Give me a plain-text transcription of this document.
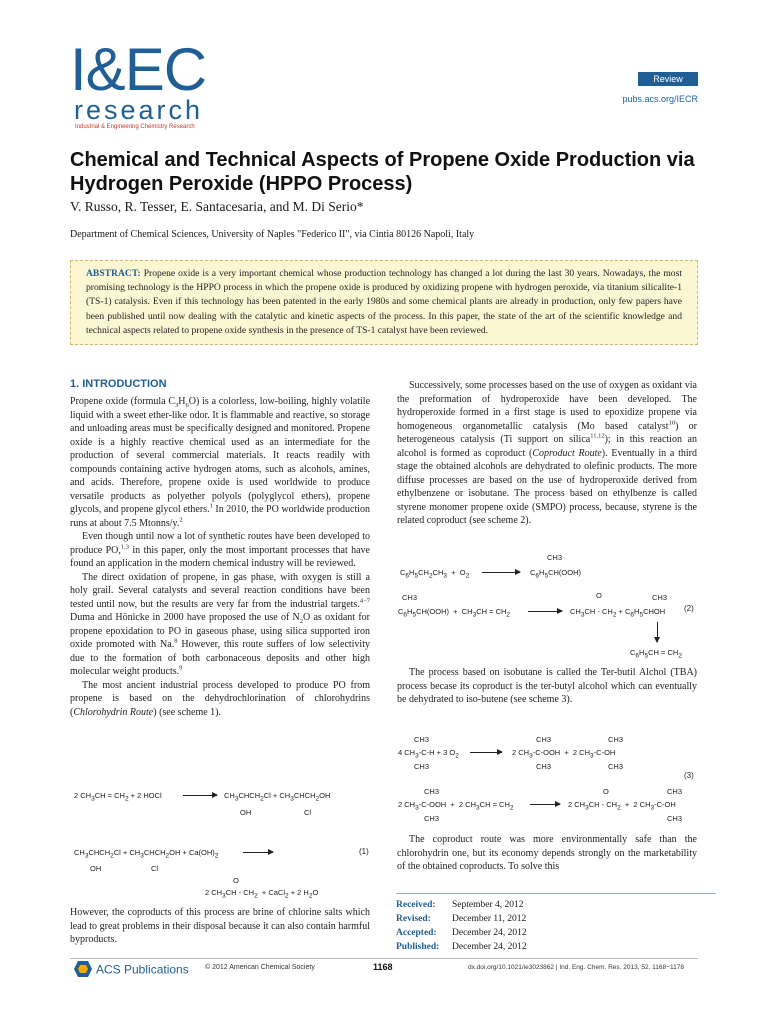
I&EC
research
Industrial & Engineering Chemistry Research
Review
pubs.acs.org/IECR
Chemical and Technical Aspects of Propene Oxide Production via Hydrogen Peroxide (HPPO Process)
V. Russo, R. Tesser, E. Santacesaria, and M. Di Serio*
Department of Chemical Sciences, University of Naples "Federico II", via Cintia 80126 Napoli, Italy
ABSTRACT: Propene oxide is a very important chemical whose production technology has changed a lot during the last 30 years. Nowadays, the most promising technology is the HPPO process in which the propene oxide is produced by oxidizing propene with hydrogen peroxide, via titanium silicalite-1 (TS-1) catalysis. Even if this technology has been patented in the early 1980s and some chemical plants are already in production, only few papers have been published until now dealing with the catalytic and kinetic aspects of the process. In this paper, the state of the art of the scientific knowledge and technical aspects related to propene oxide synthesis in the presence of TS-1 catalyst have been reviewed.
1. INTRODUCTION

Propene oxide (formula $C_3H_6O$) is a colorless, low-boiling, highly volatile liquid with a sweet ether-like odor. It is flammable and reactive, so storage and unloading areas must be specifically designed and monitored. Propene oxide is a highly reactive chemical used as an intermediate for the production of several commercial materials. It reacts readily with compounds containing active hydrogen atoms, such as alcohols, amines, and acids. Therefore, propene oxide is used worldwide to produce versatile products as polyether polyols (polyglycol ethers), propene glycols, and propene glycol ethers.$^1$ In 2010, the PO worldwide production runs at about 7.5 Mtonns/y.$^2$

Even though until now a lot of synthetic routes have been developed to produce PO,$^{1,3}$ in this paper, only the most important processes that have found an application in the modern chemical industry will be reviewed.

The direct oxidation of propene, in gas phase, with oxygen is still a holy grail. Several catalysts and several reaction conditions have been tested until now, but the results are very far from the industrial targets.$^{4-7}$ Duma and Hönicke in 2000 have proposed the use of $N_2O$ as oxidant for propene epoxidation to PO in gaseous phase, using silica supported iron oxide promoted with Na.$^8$ However, this route suffers of low selectivity due to the formation of both carbonaceous deposits and other high molecular weight products.$^9$

The most ancient industrial process developed to produce PO from propene is based on the dehydrochlorination of chlorohydrins (Chlorohydrin Route) (see scheme 1).

2 $CH_3CH = CH_2 + 2$ HOCl	$CH_3CHCH_2Cl$ + $CH_3CHCH_2OH$
OH	Cl
$CH_3CHCH_2Cl$ + $CH_3CHCH_2OH + Ca(OH)_2$	(1)
OH	Cl
O
2 $CH_3CH - CH_2$  + CaCl$_2$ + 2 $H_2O$

However, the coproducts of this process are brine of chlorine salts which lead to great problems in their disposal because it can also contain harmful byproducts.

Successively, some processes based on the use of oxygen as oxidant via the preformation of hydroperoxide have been developed. The hydroperoxide formed in a first stage is used to epoxidize propene via homogeneous organometallic catalysis (Mo based catalyst$^{10}$) or heterogeneous catalysis (Ti support on silica$^{11,12}$); in this reaction an alcohol is formed as coproduct (Coproduct Route). Eventually in a third stage the obtained alcohols are dehydrated to olefinic products. The more diffuse processes are based on the use of hydroperoxide derived from ethylbenzene or isobutane. The process based on ethylbenze is called styrene monomer propene oxide (SMPO) process, because, styrene is the related coproduct (see scheme 2).

CH3
$C_6H_5CH_2CH_3 + O_2$	$C_6H_5CH(OOH)$
CH3	O	CH3
$C_6H_5CH(OOH) + CH_3CH = CH_2$	$CH_3CH - CH_2$ + $C_6H_5CHOH$ (2)
$C_6H_5CH = CH_2$

The process based on isobutane is called the Ter-butil Alchol (TBA) process becase its coproduct is the ter-butyl alcohol which can eventually be dehydrated to iso-butene (see scheme 3).

CH3	CH3	CH3
4 $CH_3-C-H + 3$ $O_2$	2 $CH_3-C$-OOH  +  2 $CH_3-C-OH$
CH3	CH3	CH3
(3)
CH3	O	CH3
2 $CH_3-C$-OOH  +  2 $CH_3CH = CH_2$	2 $CH_3CH - CH_2 + 2$ $CH_3-C-OH$
CH3	CH3

The coproduct route was more environmentally safe than the chlorohydrin one, but its economy depends strongly on the marketability of the obtained coproducts. To solve this

Received: September 4, 2012
Revised: December 11, 2012
Accepted: December 24, 2012
Published: December 24, 2012
ACS Publications © 2012 American Chemical Society	1168	dx.doi.org/10.1021/ie3023862 | Ind. Eng. Chem. Res. 2013, 52, 1168−1178
